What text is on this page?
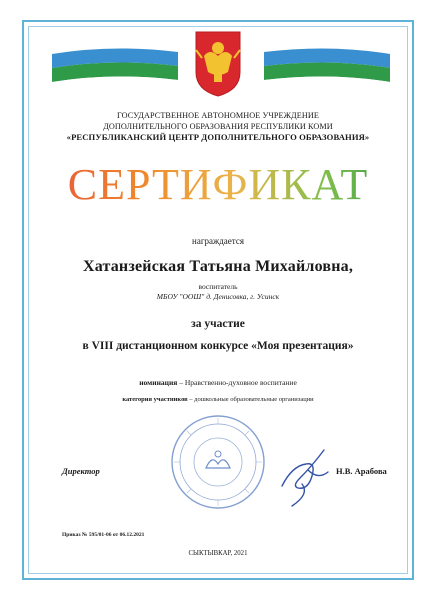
ГОСУДАРСТВЕННОЕ АВТОНОМНОЕ УЧРЕЖДЕНИЕ
ДОПОЛНИТЕЛЬНОГО ОБРАЗОВАНИЯ РЕСПУБЛИКИ КОМИ
«РЕСПУБЛИКАНСКИЙ ЦЕНТР ДОПОЛНИТЕЛЬНОГО ОБРАЗОВАНИЯ»
СЕРТИФИКАТ
награждается
Хатанзейская Татьяна Михайловна,
воспитатель
МБОУ "ООШ" д. Денисовка, г. Усинск
за участие
в VIII дистанционном конкурсе «Моя презентация»
номинация – Нравственно-духовное воспитание
категория участников – дошкольные образовательные организации
Директор	Н.В. Арабова
Приказ № 595/01-06 от 06.12.2021
СЫКТЫВКАР, 2021
